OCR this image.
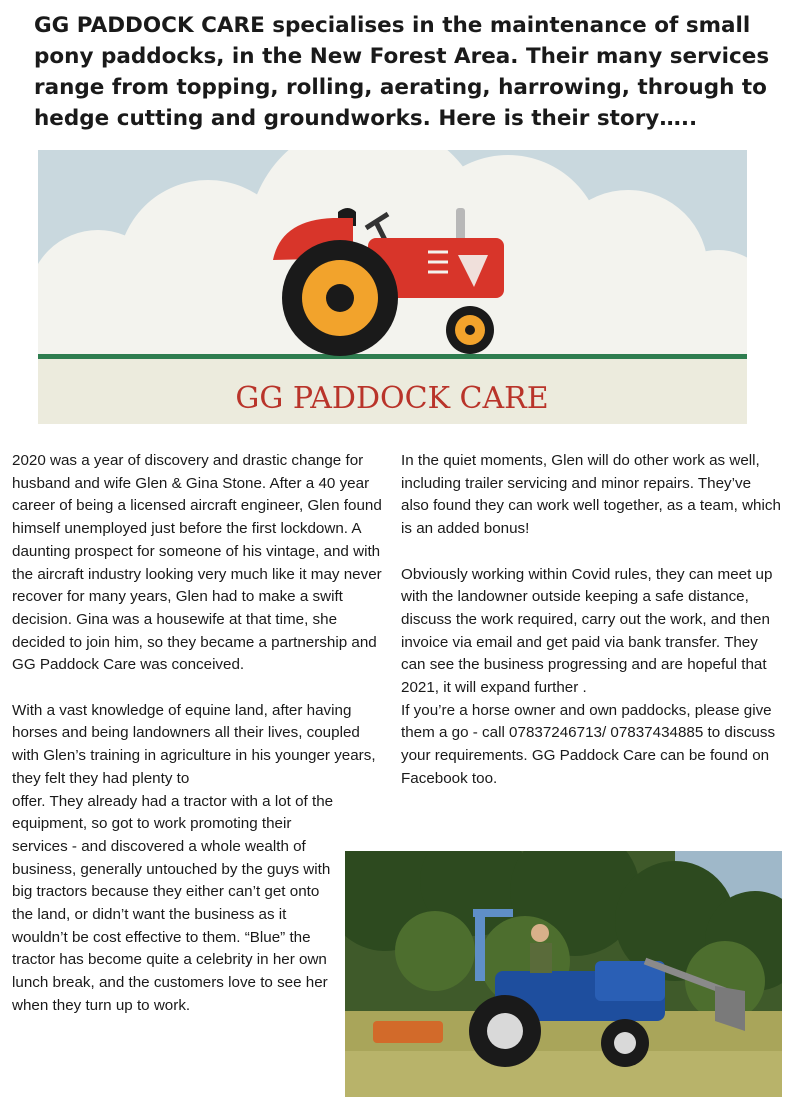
GG PADDOCK CARE specialises in the maintenance of small pony paddocks, in the New Forest Area. Their many services range from topping, rolling, aerating, harrowing, through to hedge cutting and groundworks. Here is their story…..
GG PADDOCK CARE

2020 was a year of discovery and drastic change for husband and wife Glen & Gina Stone. After a 40 year career of being a licensed aircraft engineer, Glen found himself unemployed just before the first lockdown. A daunting prospect for someone of his vintage, and with the aircraft industry looking very much like it may never recover for many years, Glen had to make a swift decision. Gina was a housewife at that time, she decided to join him, so they became a partnership and GG Paddock Care was conceived.

With a vast knowledge of equine land, after having horses and being landowners all their lives, coupled with Glen’s training in agriculture in his younger years, they felt they had plenty to

offer. They already had a tractor with a lot of the equipment, so got to work promoting their services - and discovered a whole wealth of business, generally untouched by the guys with big tractors because they either can’t get onto the land, or didn’t want the business as it wouldn’t be cost effective to them. “Blue” the tractor has become quite a celebrity in her own lunch break, and the customers love to see her when they turn up to work.

In the quiet moments, Glen will do other work as well, including trailer servicing and minor repairs. They’ve also found they can work well together, as a team, which is an added bonus!

Obviously working within Covid rules, they can meet up with the landowner outside keeping a safe distance, discuss the work required, carry out the work, and then invoice via email and get paid via bank transfer. They can see the business progressing and are hopeful that 2021, it will expand further .

If you’re a horse owner and own paddocks, please give them a go - call 07837246713/ 07837434885 to discuss your requirements. GG Paddock Care can be found on Facebook too.
